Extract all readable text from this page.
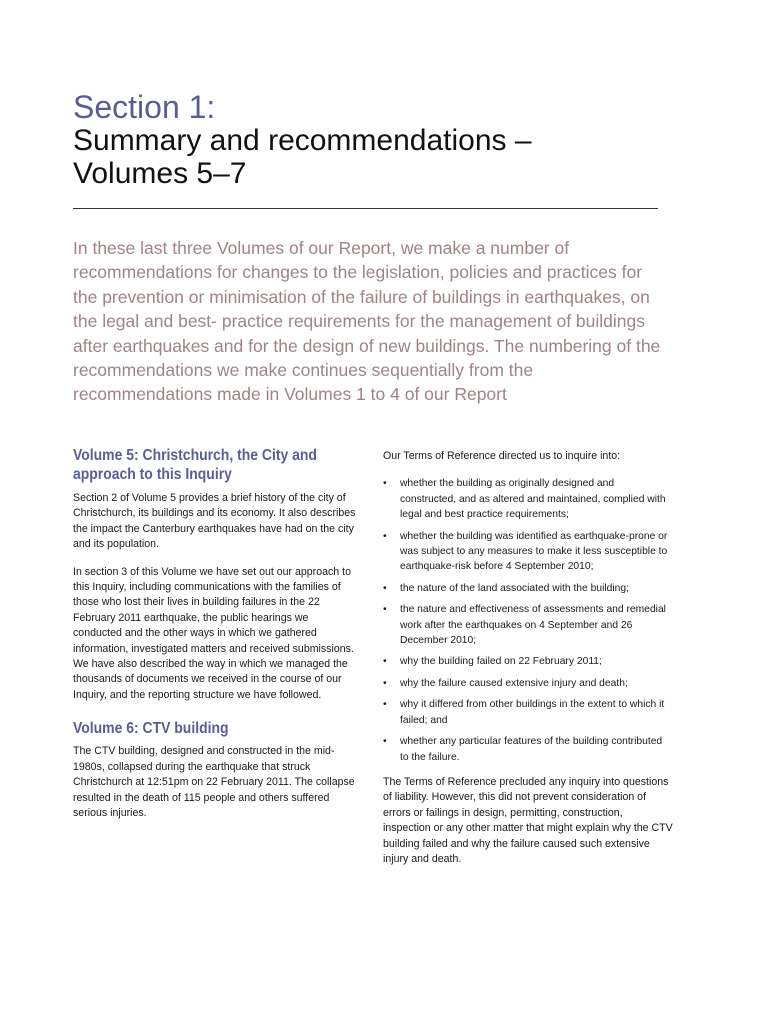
Section 1:
Summary and recommendations –
Volumes 5–7

In these last three Volumes of our Report, we make a number of recommendations for changes to the legislation, policies and practices for the prevention or minimisation of the failure of buildings in earthquakes, on the legal and best- practice requirements for the management of buildings after earthquakes and for the design of new buildings. The numbering of the recommendations we make continues sequentially from the recommendations made in Volumes 1 to 4 of our Report

Volume 5: Christchurch, the City and approach to this Inquiry

Section 2 of Volume 5 provides a brief history of the city of Christchurch, its buildings and its economy. It also describes the impact the Canterbury earthquakes have had on the city and its population.

In section 3 of this Volume we have set out our approach to this Inquiry, including communications with the families of those who lost their lives in building failures in the 22 February 2011 earthquake, the public hearings we conducted and the other ways in which we gathered information, investigated matters and received submissions. We have also described the way in which we managed the thousands of documents we received in the course of our Inquiry, and the reporting structure we have followed.

Volume 6: CTV building

The CTV building, designed and constructed in the mid-1980s, collapsed during the earthquake that struck Christchurch at 12:51pm on 22 February 2011. The collapse resulted in the death of 115 people and others suffered serious injuries.

Our Terms of Reference directed us to inquire into:

• whether the building as originally designed and constructed, and as altered and maintained, complied with legal and best practice requirements;
• whether the building was identified as earthquake-prone or was subject to any measures to make it less susceptible to earthquake-risk before 4 September 2010;
• the nature of the land associated with the building;
• the nature and effectiveness of assessments and remedial work after the earthquakes on 4 September and 26 December 2010;
• why the building failed on 22 February 2011;
• why the failure caused extensive injury and death;
• why it differed from other buildings in the extent to which it failed; and
• whether any particular features of the building contributed to the failure.

The Terms of Reference precluded any inquiry into questions of liability. However, this did not prevent consideration of errors or failings in design, permitting, construction, inspection or any other matter that might explain why the CTV building failed and why the failure caused such extensive injury and death.
